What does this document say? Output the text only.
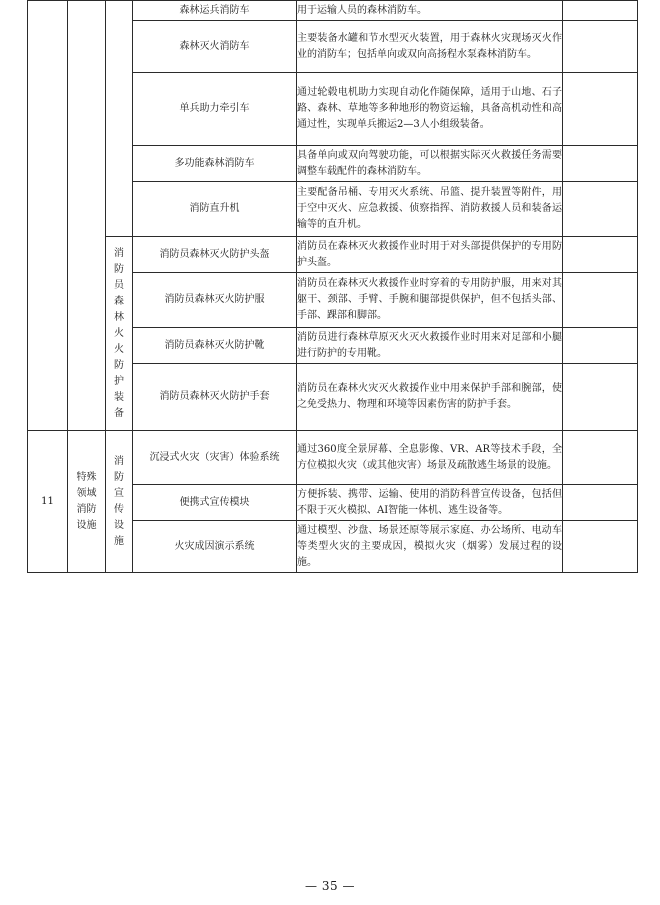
			森林运兵消防车	用于运输人员的森林消防车。	

			森林灭火消防车	主要装备水罐和节水型灭火装置，用于森林火灾现场灭火作业的消防车；包括单向或双向高扬程水泵森林消防车。	

			单兵助力牵引车	通过轮毂电机助力实现自动化作随保障，适用于山地、石子路、森林、草地等多种地形的物资运输，具备高机动性和高通过性，实现单兵搬运2—3人小组级装备。	

			多功能森林消防车	具备单向或双向驾驶功能，可以根据实际灭火救援任务需要调整车载配件的森林消防车。	

			消防直升机	主要配备吊桶、专用灭火系统、吊篮、提升装置等附件，用于空中灭火、应急救援、侦察指挥、消防救援人员和装备运输等的直升机。	

		消防员森林火火防护装备	消防员森林灭火防护头盔	消防员在森林灭火救援作业时用于对头部提供保护的专用防护头盔。	

			消防员森林灭火防护服	消防员在森林灭火救援作业时穿着的专用防护服，用来对其躯干、颈部、手臂、手腕和腿部提供保护，但不包括头部、手部、踝部和脚部。	

			消防员森林灭火防护靴	消防员进行森林草原灭火灭火救援作业时用来对足部和小腿进行防护的专用靴。	

			消防员森林灭火防护手套	消防员在森林火灾灭火救援作业中用来保护手部和腕部，使之免受热力、物理和环境等因素伤害的防护手套。	

11	特殊领域消防设施	消防宣传设施	沉浸式火灾（灾害）体验系统	通过360度全景屏幕、全息影像、VR、AR等技术手段，全方位模拟火灾（或其他灾害）场景及疏散逃生场景的设施。	

			便携式宣传模块	方便拆装、携带、运输、使用的消防科普宣传设备，包括但不限于灭火模拟、AI智能一体机、逃生设备等。	

			火灾成因演示系统	通过模型、沙盘、场景还原等展示家庭、办公场所、电动车等类型火灾的主要成因，模拟火灾（烟雾）发展过程的设施。	

— 35 —
